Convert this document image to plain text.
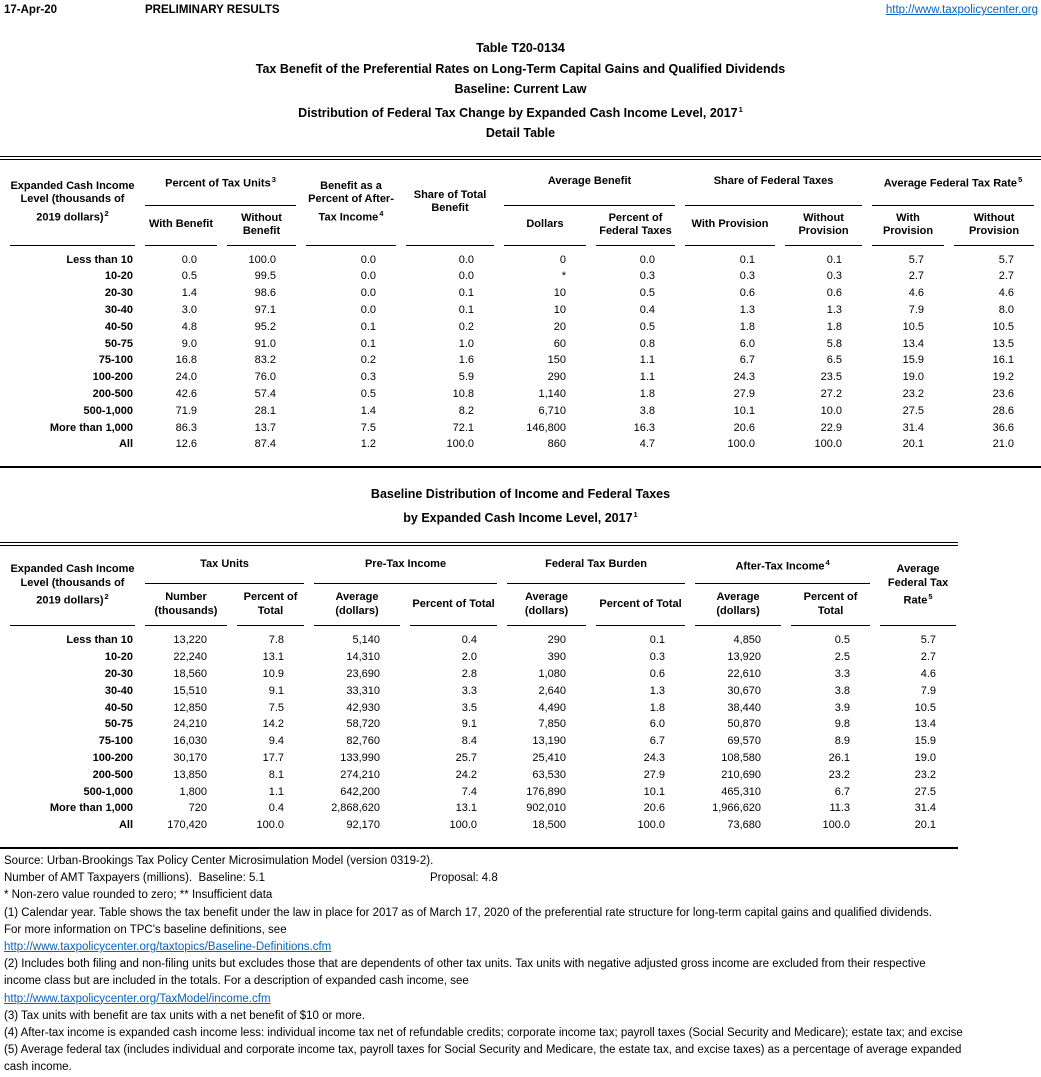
17-Apr-20	PRELIMINARY RESULTS	http://www.taxpolicycenter.org
Table T20-0134
Tax Benefit of the Preferential Rates on Long-Term Capital Gains and Qualified Dividends
Baseline: Current Law
Distribution of Federal Tax Change by Expanded Cash Income Level, 2017$^1$
Detail Table
Expanded Cash Income Level (thousands of 2019 dollars)$^2$	Percent of Tax Units$^3$		Benefit as a Percent of After-Tax Income$^4$	Share of Total Benefit	Average Benefit		Share of Federal Taxes		Average Federal Tax Rate$^5$
	With Benefit	Without Benefit			Dollars	Percent of Federal Taxes	With Provision	Without Provision	With Provision	Without Provision
Less than 10	0.0	100.0	0.0	0.0	0	0.0	0.1	0.1	5.7	5.7
10-20	0.5	99.5	0.0	0.0	*	0.3	0.3	0.3	2.7	2.7
20-30	1.4	98.6	0.0	0.1	10	0.5	0.6	0.6	4.6	4.6
30-40	3.0	97.1	0.0	0.1	10	0.4	1.3	1.3	7.9	8.0
40-50	4.8	95.2	0.1	0.2	20	0.5	1.8	1.8	10.5	10.5
50-75	9.0	91.0	0.1	1.0	60	0.8	6.0	5.8	13.4	13.5
75-100	16.8	83.2	0.2	1.6	150	1.1	6.7	6.5	15.9	16.1
100-200	24.0	76.0	0.3	5.9	290	1.1	24.3	23.5	19.0	19.2
200-500	42.6	57.4	0.5	10.8	1,140	1.8	27.9	27.2	23.2	23.6
500-1,000	71.9	28.1	1.4	8.2	6,710	3.8	10.1	10.0	27.5	28.6
More than 1,000	86.3	13.7	7.5	72.1	146,800	16.3	20.6	22.9	31.4	36.6
All	12.6	87.4	1.2	100.0	860	4.7	100.0	100.0	20.1	21.0
Baseline Distribution of Income and Federal Taxes
by Expanded Cash Income Level, 2017$^1$
Expanded Cash Income Level (thousands of 2019 dollars)$^2$	Tax Units		Pre-Tax Income		Federal Tax Burden		After-Tax Income$^4$		Average Federal Tax Rate$^5$
	Number (thousands)	Percent of Total	Average (dollars)	Percent of Total	Average (dollars)	Percent of Total	Average (dollars)	Percent of Total	
Less than 10	13,220	7.8	5,140	0.4	290	0.1	4,850	0.5	5.7
10-20	22,240	13.1	14,310	2.0	390	0.3	13,920	2.5	2.7
20-30	18,560	10.9	23,690	2.8	1,080	0.6	22,610	3.3	4.6
30-40	15,510	9.1	33,310	3.3	2,640	1.3	30,670	3.8	7.9
40-50	12,850	7.5	42,930	3.5	4,490	1.8	38,440	3.9	10.5
50-75	24,210	14.2	58,720	9.1	7,850	6.0	50,870	9.8	13.4
75-100	16,030	9.4	82,760	8.4	13,190	6.7	69,570	8.9	15.9
100-200	30,170	17.7	133,990	25.7	25,410	24.3	108,580	26.1	19.0
200-500	13,850	8.1	274,210	24.2	63,530	27.9	210,690	23.2	23.2
500-1,000	1,800	1.1	642,200	7.4	176,890	10.1	465,310	6.7	27.5
More than 1,000	720	0.4	2,868,620	13.1	902,010	20.6	1,966,620	11.3	31.4
All	170,420	100.0	92,170	100.0	18,500	100.0	73,680	100.0	20.1
Source: Urban-Brookings Tax Policy Center Microsimulation Model (version 0319-2).
Number of AMT Taxpayers (millions).  Baseline: 5.1	Proposal: 4.8
* Non-zero value rounded to zero; ** Insufficient data
(1) Calendar year. Table shows the tax benefit under the law in place for 2017 as of March 17, 2020 of the preferential rate structure for long-term capital gains and qualified dividends.
For more information on TPC's baseline definitions, see
http://www.taxpolicycenter.org/taxtopics/Baseline-Definitions.cfm
(2) Includes both filing and non-filing units but excludes those that are dependents of other tax units. Tax units with negative adjusted gross income are excluded from their respective
income class but are included in the totals. For a description of expanded cash income, see
http://www.taxpolicycenter.org/TaxModel/income.cfm
(3) Tax units with benefit are tax units with a net benefit of $10 or more.
(4) After-tax income is expanded cash income less: individual income tax net of refundable credits; corporate income tax; payroll taxes (Social Security and Medicare); estate tax; and excise
(5) Average federal tax (includes individual and corporate income tax, payroll taxes for Social Security and Medicare, the estate tax, and excise taxes) as a percentage of average expanded
cash income.
